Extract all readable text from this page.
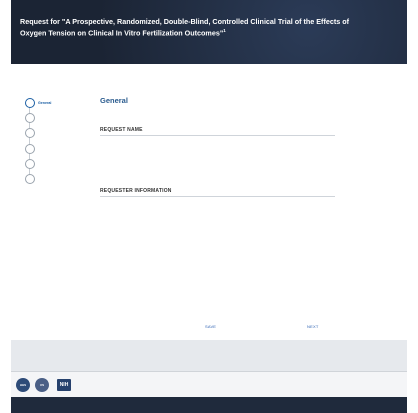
Request for "A Prospective, Randomized, Double-Blind, Controlled Clinical Trial of the Effects of Oxygen Tension on Clinical In Vitro Fertilization Outcomes"$^1$
General	General
REQUEST NAME
REQUESTER INFORMATION
SAVE	NEXT

HHS	US	NIH
